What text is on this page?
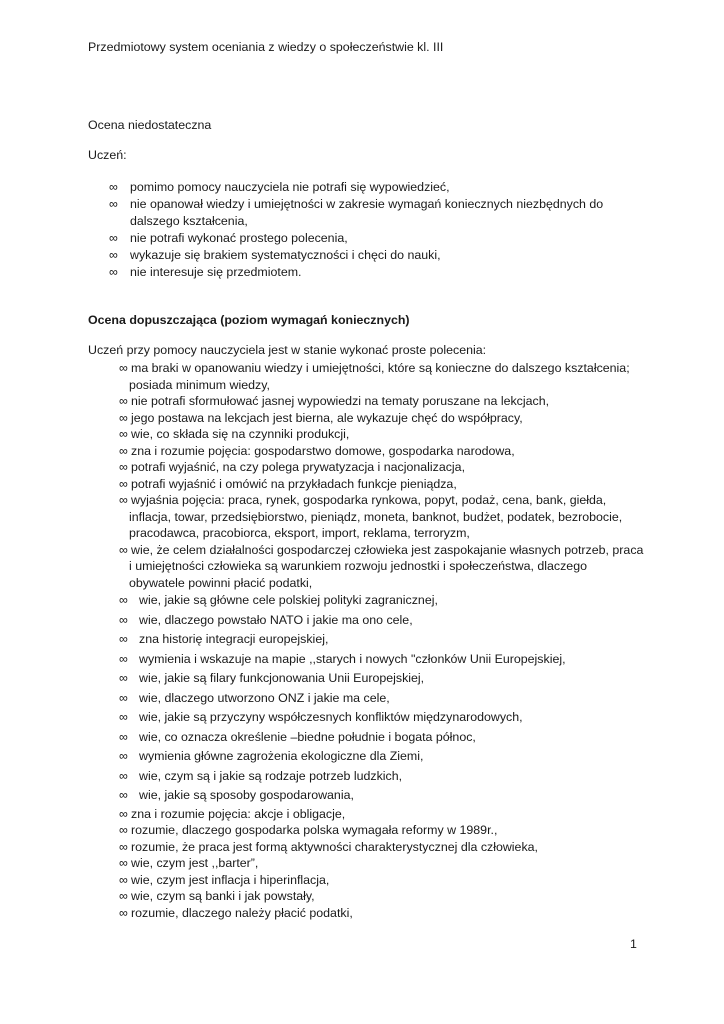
Przedmiotowy system oceniania z wiedzy o społeczeństwie kl. III
Ocena niedostateczna
Uczeń:
∞ pomimo pomocy nauczyciela nie potrafi się wypowiedzieć,
∞ nie opanował wiedzy i umiejętności w zakresie wymagań koniecznych niezbędnych do dalszego kształcenia,
∞ nie potrafi wykonać prostego polecenia,
∞ wykazuje się brakiem systematyczności i chęci do nauki,
∞ nie interesuje się przedmiotem.
Ocena dopuszczająca (poziom wymagań koniecznych)
Uczeń przy pomocy nauczyciela jest w stanie wykonać proste polecenia:
∞ ma braki w opanowaniu wiedzy i umiejętności, które są konieczne do dalszego kształcenia;
posiada minimum wiedzy,
∞ nie potrafi sformułować jasnej wypowiedzi na tematy poruszane na lekcjach,
∞ jego postawa na lekcjach jest bierna, ale wykazuje chęć do współpracy,
∞ wie, co składa się na czynniki produkcji,
∞ zna i rozumie pojęcia: gospodarstwo domowe, gospodarka narodowa,
∞ potrafi wyjaśnić, na czy polega prywatyzacja i nacjonalizacja,
∞ potrafi wyjaśnić i omówić na przykładach funkcje pieniądza,
∞ wyjaśnia pojęcia: praca, rynek, gospodarka rynkowa, popyt, podaż, cena, bank, giełda,
inflacja, towar, przedsiębiorstwo, pieniądz, moneta, banknot, budżet, podatek, bezrobocie,
pracodawca, pracobiorca, eksport, import, reklama, terroryzm,
∞ wie, że celem działalności gospodarczej człowieka jest zaspokajanie własnych potrzeb, praca
i umiejętności człowieka są warunkiem rozwoju jednostki i społeczeństwa, dlaczego
obywatele powinni płacić podatki,
∞ wie, jakie są główne cele polskiej polityki zagranicznej,
∞ wie, dlaczego powstało NATO i jakie ma ono cele,
∞ zna historię integracji europejskiej,
∞ wymienia i wskazuje na mapie ,,starych i nowych "członków Unii Europejskiej,
∞ wie, jakie są filary funkcjonowania Unii Europejskiej,
∞ wie, dlaczego utworzono ONZ i jakie ma cele,
∞ wie, jakie są przyczyny współczesnych konfliktów międzynarodowych,
∞ wie, co oznacza określenie –biedne południe i bogata północ,
∞ wymienia główne zagrożenia ekologiczne dla Ziemi,
∞ wie, czym są i jakie są rodzaje potrzeb ludzkich,
∞ wie, jakie są sposoby gospodarowania,
∞ zna i rozumie pojęcia: akcje i obligacje,
∞ rozumie, dlaczego gospodarka polska wymagała reformy w 1989r.,
∞ rozumie, że praca jest formą aktywności charakterystycznej dla człowieka,
∞ wie, czym jest ,,barter”,
∞ wie, czym jest inflacja i hiperinflacja,
∞ wie, czym są banki i jak powstały,
∞ rozumie, dlaczego należy płacić podatki,
1
